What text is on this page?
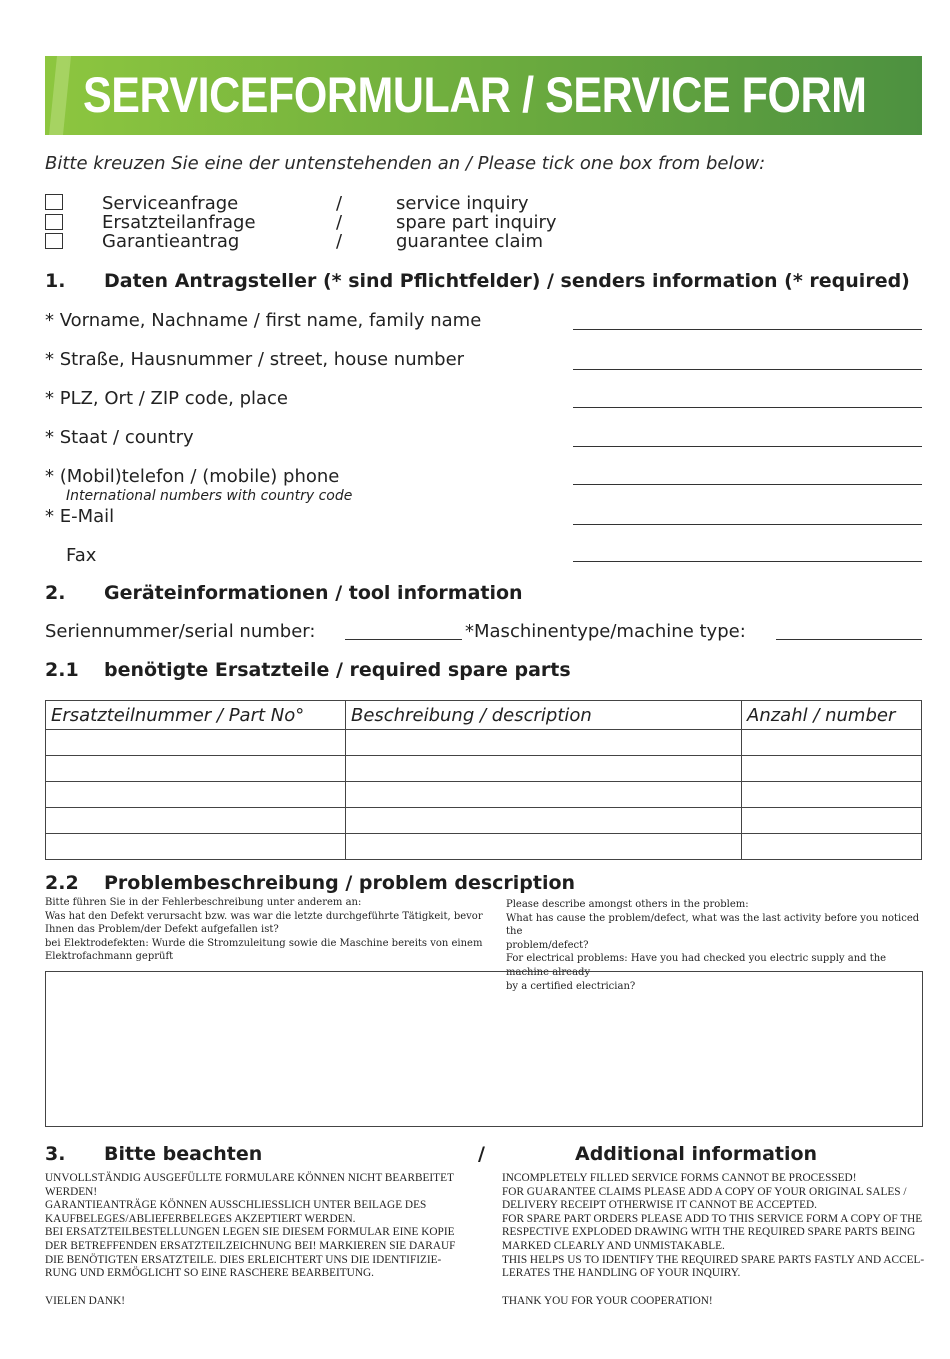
SERVICEFORMULAR / SERVICE FORM
Bitte kreuzen Sie eine der untenstehenden an / Please tick one box from below:
Serviceanfrage	/	service inquiry
Ersatzteilanfrage	/	spare part inquiry
Garantieantrag	/	guarantee claim
1. Daten Antragsteller (* sind Pflichtfelder) / senders information (* required)
* Vorname, Nachname / first name, family name
* Straße, Hausnummer / street, house number
* PLZ, Ort / ZIP code, place
* Staat / country
* (Mobil)telefon / (mobile) phone
International numbers with country code
* E-Mail
Fax
2. Geräteinformationen / tool information
Seriennummer/serial number:	*Maschinentype/machine type:
2.1 benötigte Ersatzteile / required spare parts
Ersatzteilnummer / Part No°	Beschreibung / description	Anzahl / number

2.2 Problembeschreibung / problem description
Bitte führen Sie in der Fehlerbeschreibung unter anderem an:
Was hat den Defekt verursacht bzw. was war die letzte durchgeführte Tätigkeit, bevor
Ihnen das Problem/der Defekt aufgefallen ist?
bei Elektrodefekten: Wurde die Stromzuleitung sowie die Maschine bereits von einem
Elektrofachmann geprüft
Please describe amongst others in the problem:
What has cause the problem/defect, what was the last activity before you noticed the
problem/defect?
For electrical problems: Have you had checked you electric supply and the machine already
by a certified electrician?
3. Bitte beachten	/	Additional information

UNVOLLSTÄNDIG AUSGEFÜLLTE FORMULARE KÖNNEN NICHT BEARBEITET

WERDEN!

GARANTIEANTRÄGE KÖNNEN AUSSCHLIESSLICH UNTER BEILAGE DES

KAUFBELEGES/ABLIEFERBELEGES AKZEPTIERT WERDEN.

BEI ERSATZTEILBESTELLUNGEN LEGEN SIE DIESEM FORMULAR EINE KOPIE

DER BETREFFENDEN ERSATZTEILZEICHNUNG BEI! MARKIEREN SIE DARAUF

DIE BENÖTIGTEN ERSATZTEILE. DIES ERLEICHTERT UNS DIE IDENTIFIZIE-

RUNG UND ERMÖGLICHT SO EINE RASCHERE BEARBEITUNG.

VIELEN DANK!

INCOMPLETELY FILLED SERVICE FORMS CANNOT BE PROCESSED!

FOR GUARANTEE CLAIMS PLEASE ADD A COPY OF YOUR ORIGINAL SALES /

DELIVERY RECEIPT OTHERWISE IT CANNOT BE ACCEPTED.

FOR SPARE PART ORDERS PLEASE ADD TO THIS SERVICE FORM A COPY OF THE

RESPECTIVE EXPLODED DRAWING WITH THE REQUIRED SPARE PARTS BEING

MARKED CLEARLY AND UNMISTAKABLE.

THIS HELPS US TO IDENTIFY THE REQUIRED SPARE PARTS FASTLY AND ACCEL-

LERATES THE HANDLING OF YOUR INQUIRY.

THANK YOU FOR YOUR COOPERATION!
